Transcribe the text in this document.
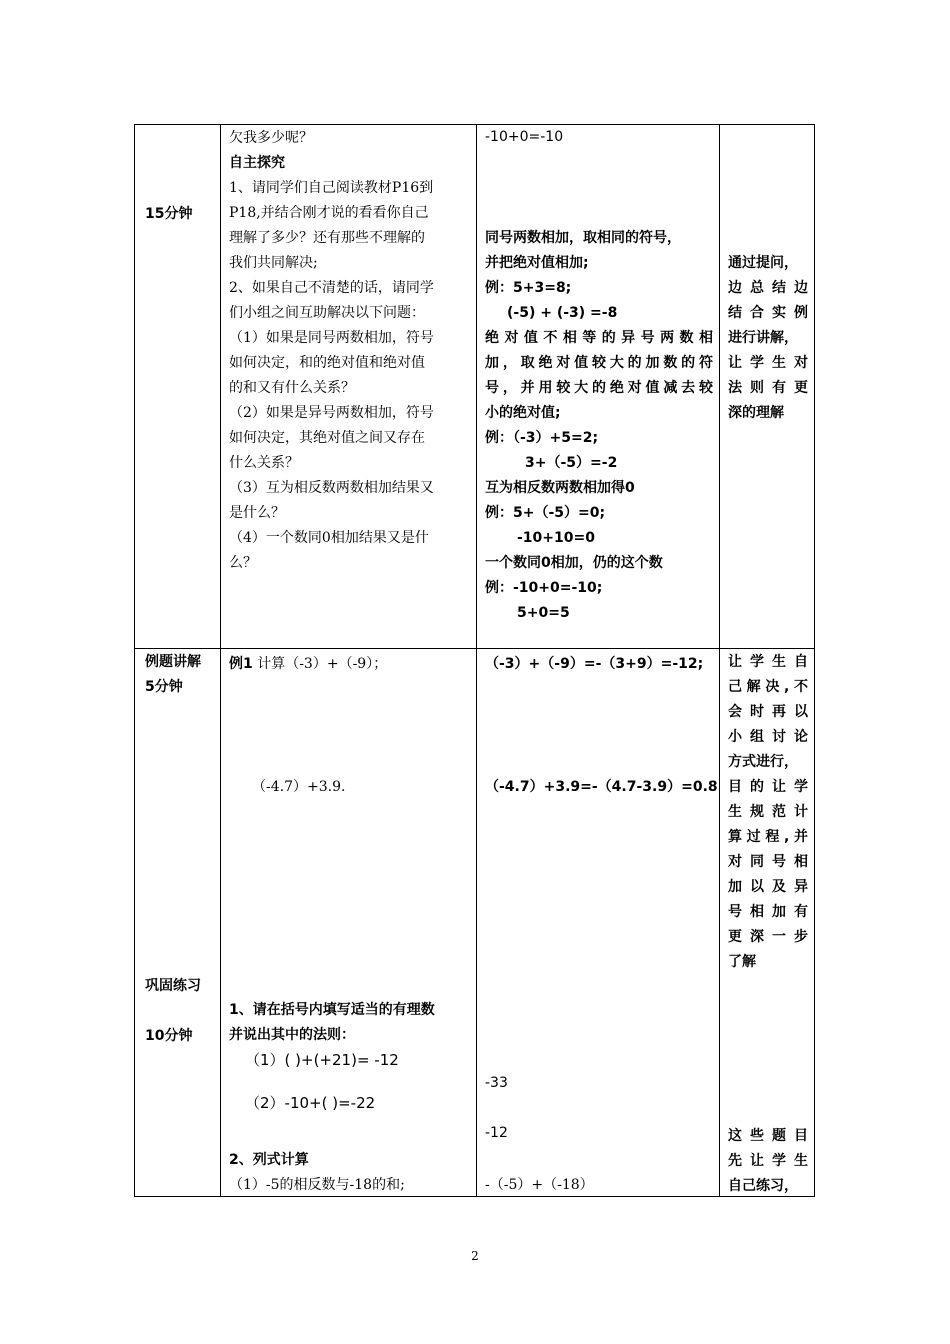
15分钟
欠我多少呢？
自主探究
1、请同学们自己阅读教材P16到
P18,并结合刚才说的看看你自己
理解了多少？还有那些不理解的
我们共同解决;
2、如果自己不清楚的话，请同学
们小组之间互助解决以下问题：
（1）如果是同号两数相加，符号
如何决定，和的绝对值和绝对值
的和又有什么关系？
（2）如果是异号两数相加，符号
如何决定，其绝对值之间又存在
什么关系？
（3）互为相反数两数相加结果又
是什么？
（4）一个数同0相加结果又是什
么？
-10+0=-10
同号两数相加，取相同的符号，
并把绝对值相加;
例：5+3=8;
(-5) + (-3) =-8
绝对值不相等的异号两数相
加，取绝对值较大的加数的符
号，并用较大的绝对值减去较
小的绝对值;
例：（-3）+5=2;
3+（-5）=-2
互为相反数两数相加得0
例：5+（-5）=0;
-10+10=0
一个数同0相加，仍的这个数
例：-10+0=-10;
5+0=5
通过提问，
边总结边
结合实例
进行讲解，
让学生对
法则有更
深的理解
例题讲解
5分钟
巩固练习
10分钟
例1 计算（-3）+（-9）；
（-4.7）+3.9.
（-3）+（-9）=-（3+9）=-12;
（-4.7）+3.9=-（4.7-3.9）=0.8
1、请在括号内填写适当的有理数
并说出其中的法则：
（1）( )+(+21)= -12
（2）-10+( )=-22
-33
-12
2、列式计算
（1）-5的相反数与-18的和;	-（-5）+（-18）
让学生自
己解决,不
会时再以
小组讨论
方式进行，
目的让学
生规范计
算过程,并
对同号相
加以及异
号相加有
更深一步
了解
这些题目
先让学生
自己练习，
2
